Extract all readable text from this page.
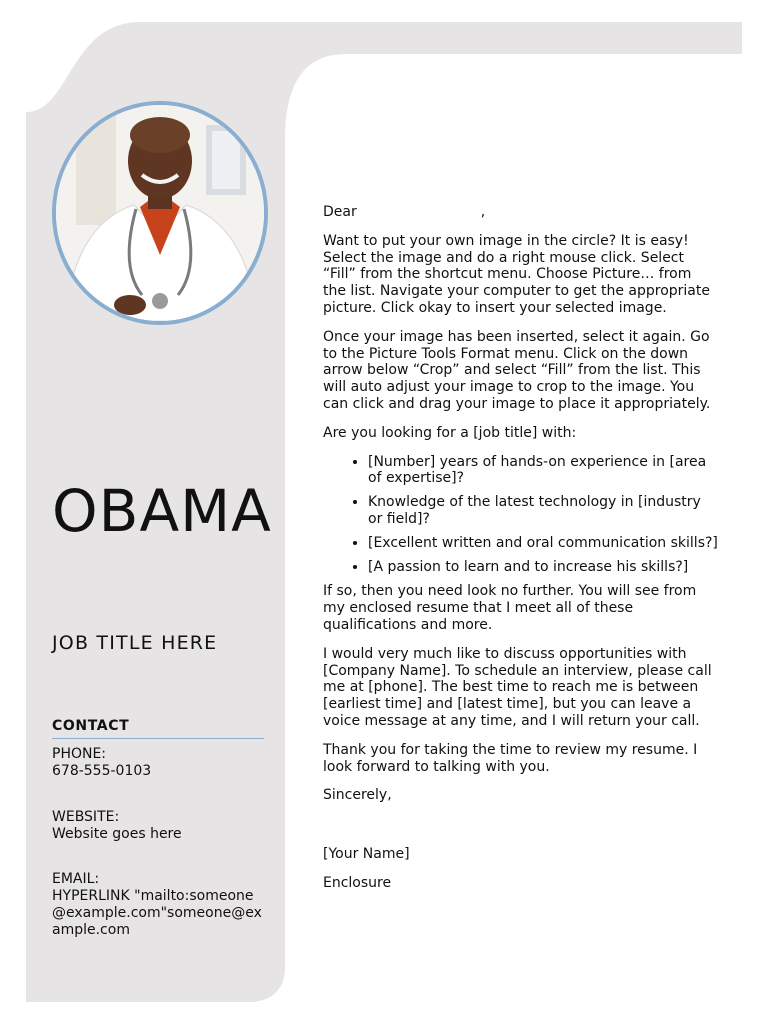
OBAMA
JOB TITLE HERE
CONTACT
PHONE:
678-555-0103
WEBSITE:
Website goes here
EMAIL:
HYPERLINK "mailto:someone@example.com"someone@example.com

Dear	,

Want to put your own image in the circle? It is easy! Select the image and do a right mouse click. Select “Fill” from the shortcut menu. Choose Picture… from the list. Navigate your computer to get the appropriate picture. Click okay to insert your selected image.

Once your image has been inserted, select it again. Go to the Picture Tools Format menu. Click on the down arrow below “Crop” and select “Fill” from the list. This will auto adjust your image to crop to the image. You can click and drag your image to place it appropriately.

Are you looking for a [job title] with:

• [Number] years of hands-on experience in [area of expertise]?
• Knowledge of the latest technology in [industry or field]?
• [Excellent written and oral communication skills?]
• [A passion to learn and to increase his skills?]

If so, then you need look no further. You will see from my enclosed resume that I meet all of these qualifications and more.

I would very much like to discuss opportunities with [Company Name]. To schedule an interview, please call me at [phone]. The best time to reach me is between [earliest time] and [latest time], but you can leave a voice message at any time, and I will return your call.

Thank you for taking the time to review my resume. I look forward to talking with you.

Sincerely,

[Your Name]

Enclosure
